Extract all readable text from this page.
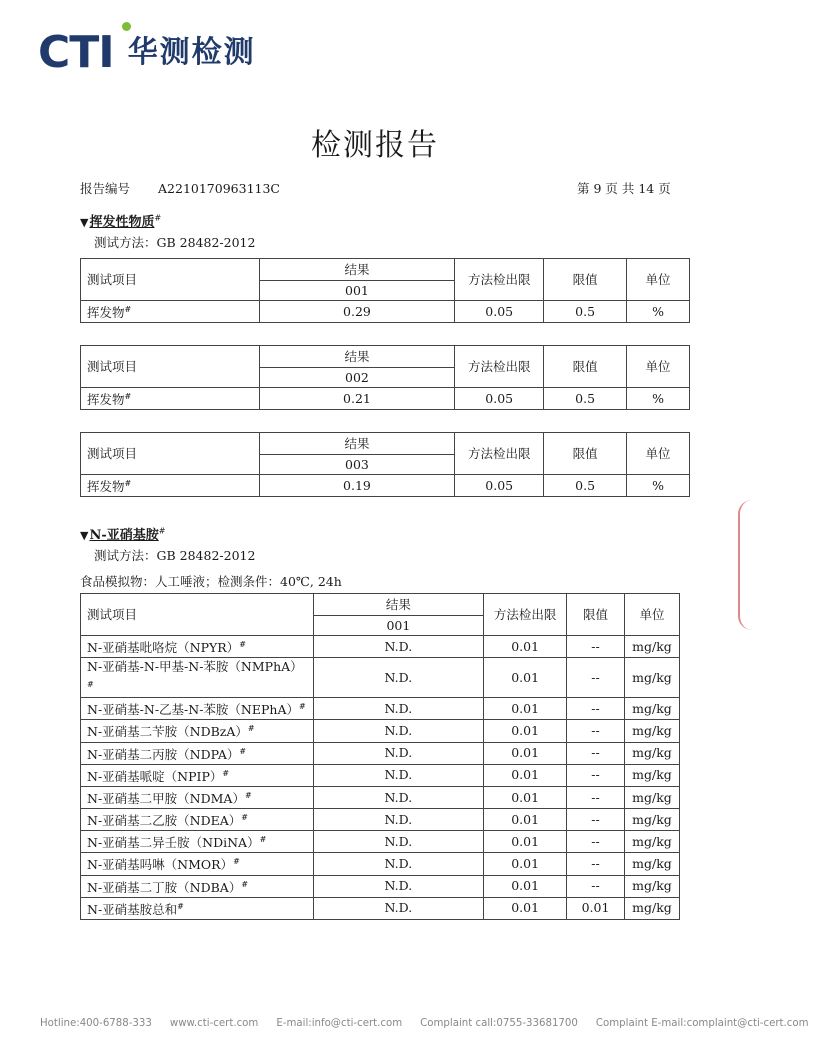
CTI 华测检测
检测报告
报告编号 A2210170963113C	第 9 页 共 14 页
▼挥发性物质#
测试方法：GB 28482-2012
测试项目	结果	方法检出限	限值	单位
	001			
挥发物#	0.29	0.05	0.5	%
测试项目	结果	方法检出限	限值	单位
	002			
挥发物#	0.21	0.05	0.5	%
测试项目	结果	方法检出限	限值	单位
	003			
挥发物#	0.19	0.05	0.5	%
▼N-亚硝基胺#
测试方法：GB 28482-2012
食品模拟物：人工唾液；检测条件：40℃, 24h
测试项目	结果	方法检出限	限值	单位
	001			
N-亚硝基吡咯烷（NPYR）#	N.D.	0.01	--	mg/kg
N-亚硝基-N-甲基-N-苯胺（NMPhA）#	N.D.	0.01	--	mg/kg
N-亚硝基-N-乙基-N-苯胺（NEPhA）#	N.D.	0.01	--	mg/kg
N-亚硝基二苄胺（NDBzA）#	N.D.	0.01	--	mg/kg
N-亚硝基二丙胺（NDPA）#	N.D.	0.01	--	mg/kg
N-亚硝基哌啶（NPIP）#	N.D.	0.01	--	mg/kg
N-亚硝基二甲胺（NDMA）#	N.D.	0.01	--	mg/kg
N-亚硝基二乙胺（NDEA）#	N.D.	0.01	--	mg/kg
N-亚硝基二异壬胺（NDiNA）#	N.D.	0.01	--	mg/kg
N-亚硝基吗啉（NMOR）#	N.D.	0.01	--	mg/kg
N-亚硝基二丁胺（NDBA）#	N.D.	0.01	--	mg/kg
N-亚硝基胺总和#	N.D.	0.01	0.01	mg/kg
Hotline:400-6788-333 www.cti-cert.com E-mail:info@cti-cert.com Complaint call:0755-33681700 Complaint E-mail:complaint@cti-cert.com
